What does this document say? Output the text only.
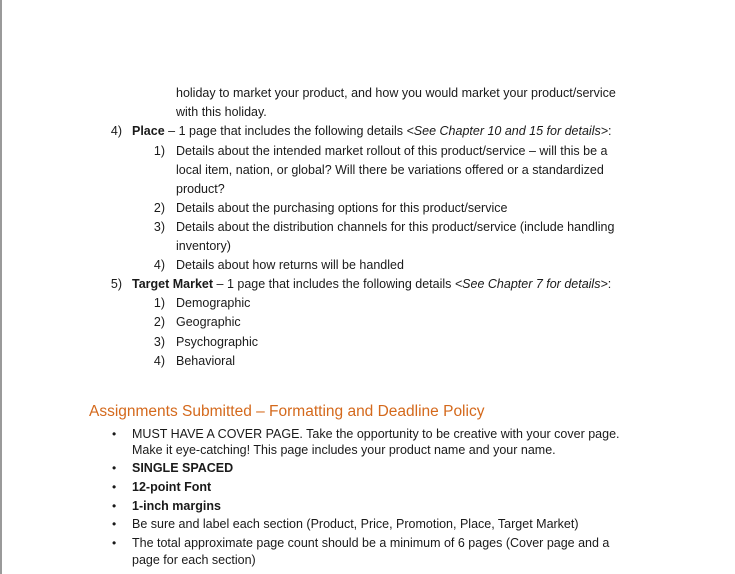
holiday to market your product, and how you would market your product/service
with this holiday.
4) Place – 1 page that includes the following details <See Chapter 10 and 15 for details>:
1) Details about the intended market rollout of this product/service – will this be a
local item, nation, or global? Will there be variations offered or a standardized
product?
2) Details about the purchasing options for this product/service
3) Details about the distribution channels for this product/service (include handling
inventory)
4) Details about how returns will be handled
5) Target Market – 1 page that includes the following details <See Chapter 7 for details>:
1) Demographic
2) Geographic
3) Psychographic
4) Behavioral
Assignments Submitted – Formatting and Deadline Policy
• MUST HAVE A COVER PAGE. Take the opportunity to be creative with your cover page.
Make it eye-catching! This page includes your product name and your name.
• SINGLE SPACED
• 12-point Font
• 1-inch margins
• Be sure and label each section (Product, Price, Promotion, Place, Target Market)
• The total approximate page count should be a minimum of 6 pages (Cover page and a
page for each section)
